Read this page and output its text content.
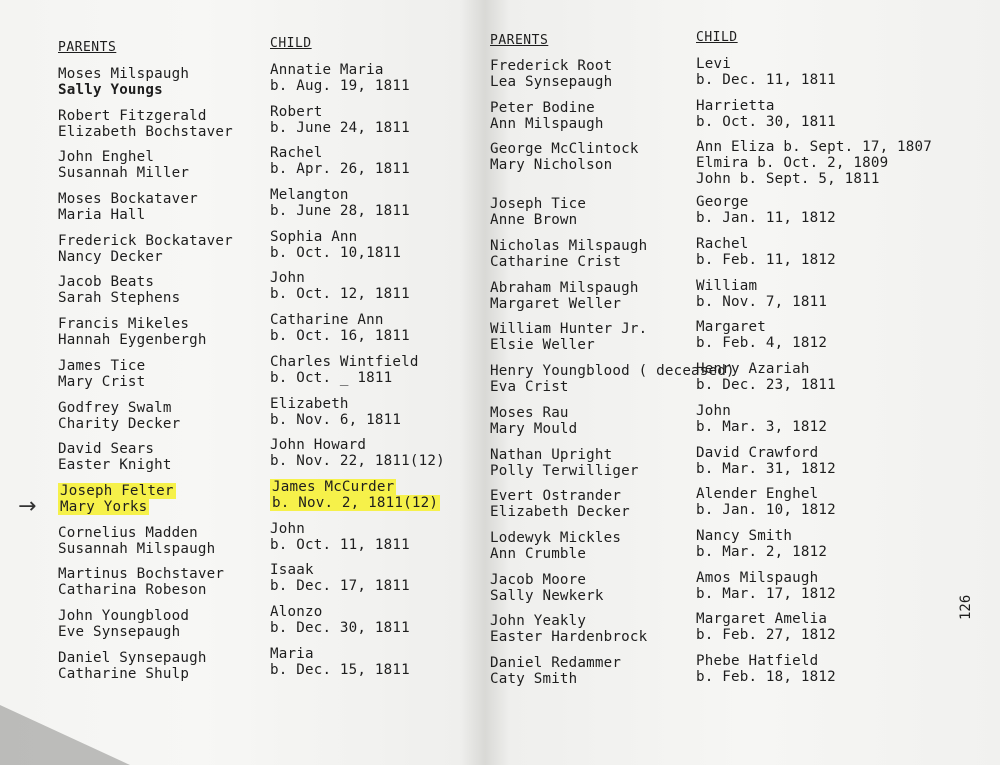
PARENTS
Moses Milspaugh
Sally Youngs
Robert Fitzgerald
Elizabeth Bochstaver
John Enghel
Susannah Miller
Moses Bockataver
Maria Hall
Frederick Bockataver
Nancy Decker
Jacob Beats
Sarah Stephens
Francis Mikeles
Hannah Eygenbergh
James Tice
Mary Crist
Godfrey Swalm
Charity Decker
David Sears
Easter Knight
Joseph Felter
Mary Yorks
Cornelius Madden
Susannah Milspaugh
Martinus Bochstaver
Catharina Robeson
John Youngblood
Eve Synsepaugh
Daniel Synsepaugh
Catharine Shulp
CHILD
Annatie Maria
b. Aug. 19, 1811
Robert
b. June 24, 1811
Rachel
b. Apr. 26, 1811
Melangton
b. June 28, 1811
Sophia Ann
b. Oct. 10,1811
John
b. Oct. 12, 1811
Catharine Ann
b. Oct. 16, 1811
Charles Wintfield
b. Oct. _ 1811
Elizabeth
b. Nov. 6, 1811
John Howard
b. Nov. 22, 1811(12)
James McCurder
b. Nov. 2, 1811(12)
John
b. Oct. 11, 1811
Isaak
b. Dec. 17, 1811
Alonzo
b. Dec. 30, 1811
Maria
b. Dec. 15, 1811
PARENTS
Frederick Root
Lea Synsepaugh
Peter Bodine
Ann Milspaugh
George McClintock
Mary Nicholson
Joseph Tice
Anne Brown
Nicholas Milspaugh
Catharine Crist
Abraham Milspaugh
Margaret Weller
William Hunter Jr.
Elsie Weller
Henry Youngblood ( deceased)
Eva Crist
Moses Rau
Mary Mould
Nathan Upright
Polly Terwilliger
Evert Ostrander
Elizabeth Decker
Lodewyk Mickles
Ann Crumble
Jacob Moore
Sally Newkerk
John Yeakly
Easter Hardenbrock
Daniel Redammer
Caty Smith
CHILD
Levi
b. Dec. 11, 1811
Harrietta
b. Oct. 30, 1811
Ann Eliza b. Sept. 17, 1807
Elmira b. Oct. 2, 1809
John b. Sept. 5, 1811
George
b. Jan. 11, 1812
Rachel
b. Feb. 11, 1812
William
b. Nov. 7, 1811
Margaret
b. Feb. 4, 1812
Henry Azariah
b. Dec. 23, 1811
John
b. Mar. 3, 1812
David Crawford
b. Mar. 31, 1812
Alender Enghel
b. Jan. 10, 1812
Nancy Smith
b. Mar. 2, 1812
Amos Milspaugh
b. Mar. 17, 1812
Margaret Amelia
b. Feb. 27, 1812
Phebe Hatfield
b. Feb. 18, 1812
→
126
